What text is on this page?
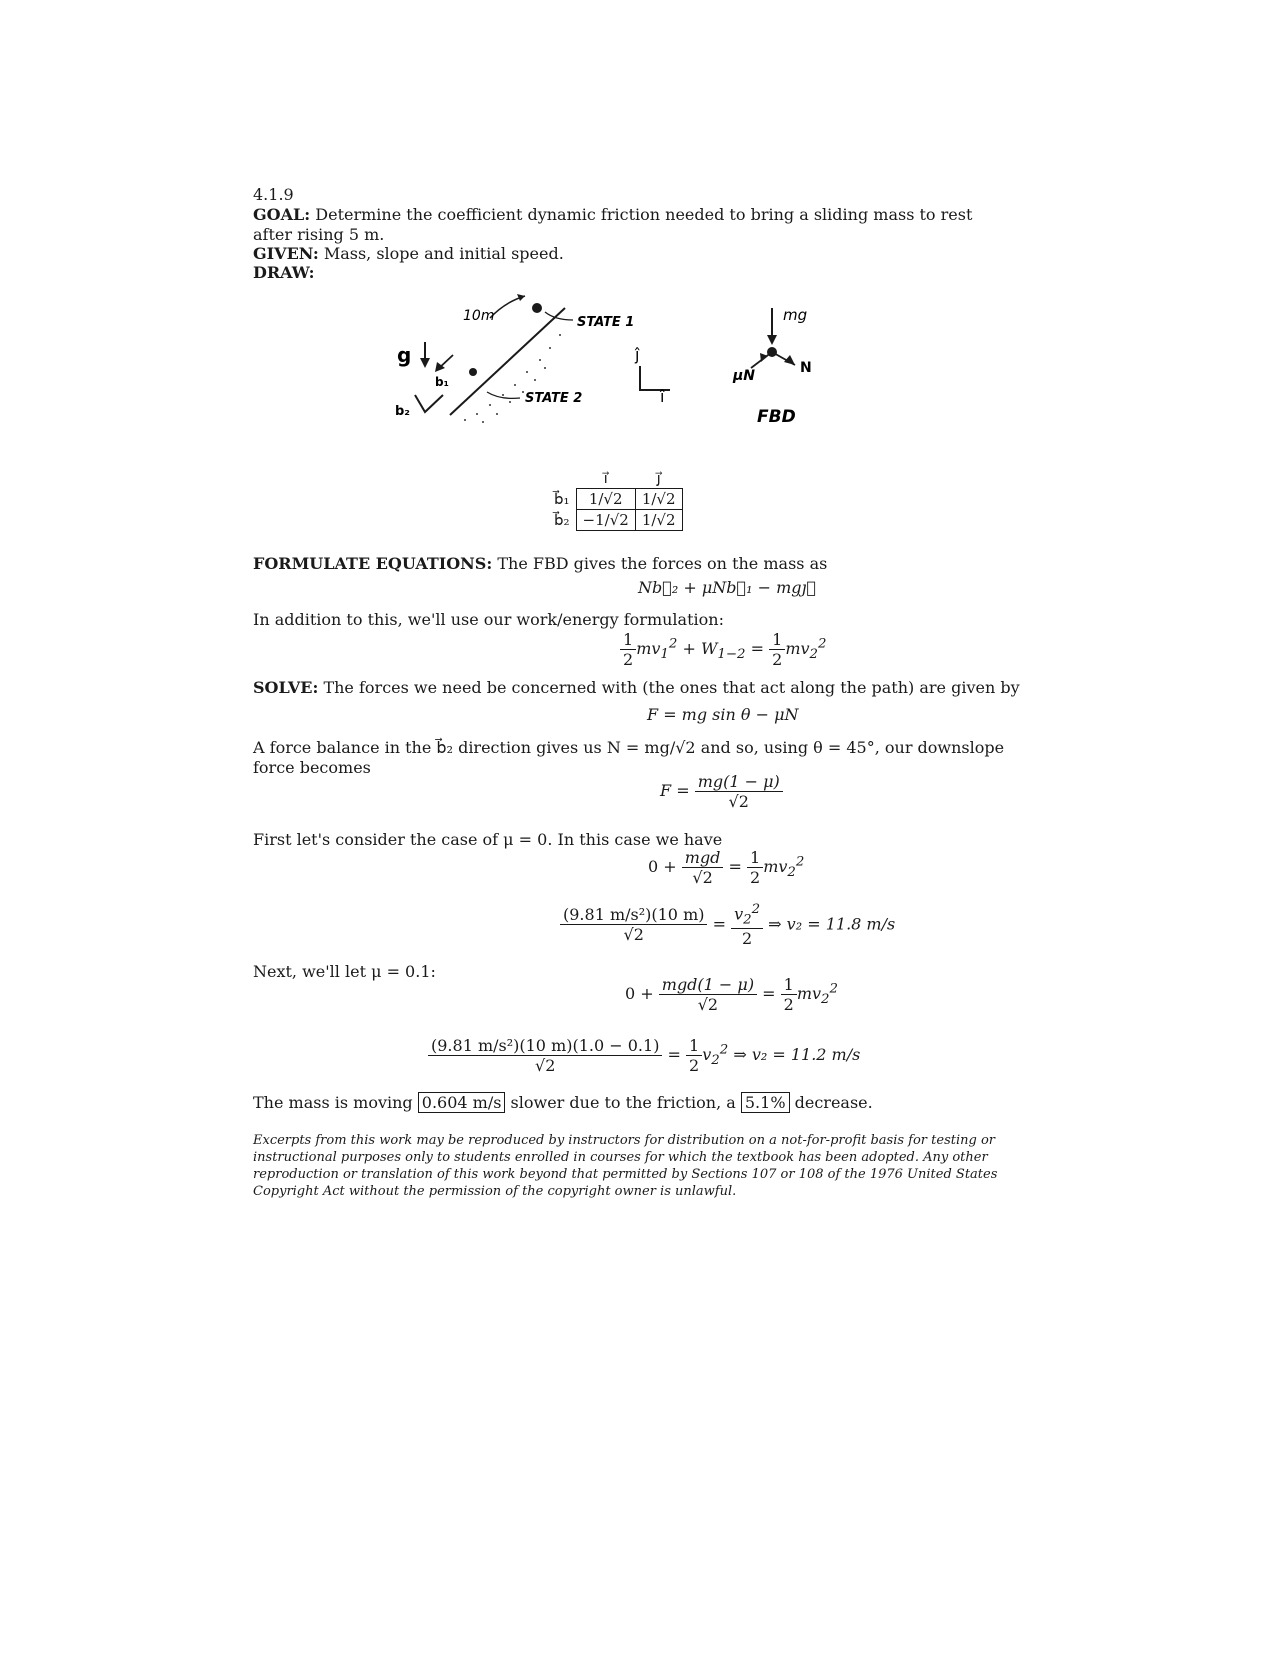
4.1.9
GOAL: Determine the coefficient dynamic friction needed to bring a sliding mass to rest after rising 5 m.
GIVEN: Mass, slope and initial speed.
DRAW:
10m	STATE 1
STATE 2
g
b₁
b₂
ĵ
î
mg
N
μN
FBD
	ı⃗	ȷ⃗
b⃗₁	1/√2	1/√2
b⃗₂	−1/√2	1/√2
FORMULATE EQUATIONS: The FBD gives the forces on the mass as
Nb⃗₂ + μNb⃗₁ − mgȷ⃗
In addition to this, we'll use our work/energy formulation:
$\frac{1}{2} mv_1^2 + W_{1-2} = \frac{1}{2} mv_2^2$
SOLVE: The forces we need be concerned with (the ones that act along the path) are given by
F = mg sin θ − μN
A force balance in the b⃗₂ direction gives us N = mg/√2 and so, using θ = 45°, our downslope force becomes
$F = \frac{mg(1 - \mu)}{√2}$
First let's consider the case of μ = 0. In this case we have
$0 + \frac{\text{mgd}}{√2} = \frac{1}{2} mv_2^2$
$\frac{\text{(9.81 m/s²)(10 m)}}{√2} = \frac{v_2^2}{2}$ ⇒ v₂ = 11.8 m/s
Next, we'll let μ = 0.1:
$0 + \frac{\text{mgd(1 − μ)}}{√2} = \frac{1}{2} mv_2^2$
$\frac{\text{(9.81 m/s²)(10 m)(1.0 − 0.1)}}{√2} = \frac{1}{2} v_2^2$ ⇒ v₂ = 11.2 m/s
The mass is moving 0.604 m/s slower due to the friction, a 5.1% decrease.
Excerpts from this work may be reproduced by instructors for distribution on a not-for-profit basis for testing or instructional purposes only to students enrolled in courses for which the textbook has been adopted. Any other reproduction or translation of this work beyond that permitted by Sections 107 or 108 of the 1976 United States Copyright Act without the permission of the copyright owner is unlawful.
